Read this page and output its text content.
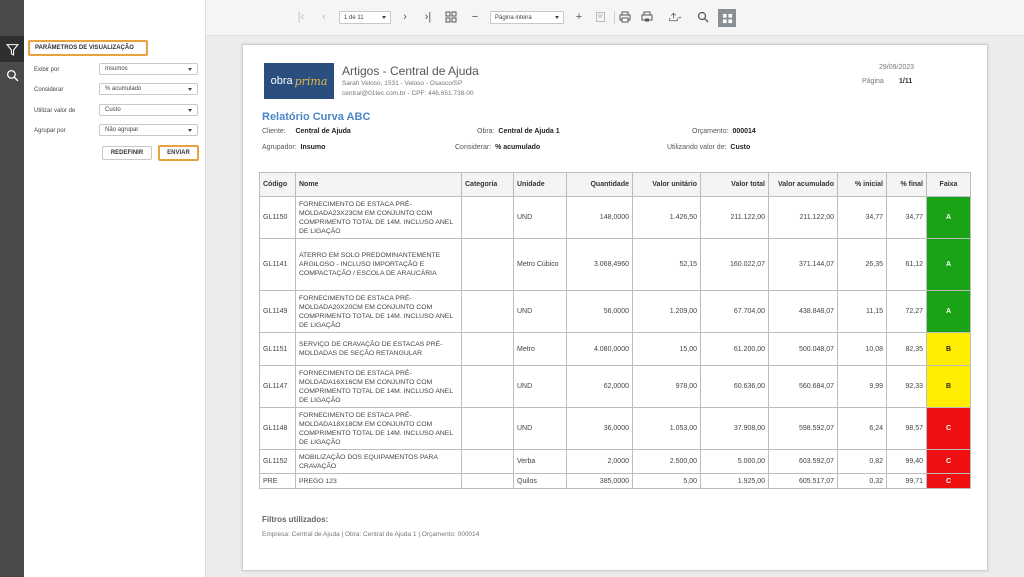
PARÂMETROS DE VISUALIZAÇÃO
Exibir por	Insumos
Considerar	% acumulado
Utilizar valor de	Custo
Agrupar por	Não agrupar
REDEFINIR	ENVIAR
|‹ ‹	1 de 11	› ›|	−	Página inteira	+
obra prima
Artigos - Central de Ajuda
Sarah Veloso, 1531 - Veloso - Osasco/SP
central@01tec.com.br - CPF: 446.651.738-00
29/09/2023
Página 1/11
Relatório Curva ABC
Cliente: Central de Ajuda	Obra: Central de Ajuda 1	Orçamento: 000014
Agrupador: Insumo	Considerar: % acumulado	Utilizando valor de: Custo
Código	Nome	Categoria	Unidade	Quantidade	Valor unitário	Valor total	Valor acumulado	% inicial	% final	Faixa
GL1150	FORNECIMENTO DE ESTACA PRÉ-MOLDADA23X23CM EM CONJUNTO COM COMPRIMENTO TOTAL DE 14M. INCLUSO ANEL DE LIGAÇÃO		UND	148,0000	1.426,50	211.122,00	211.122,00	34,77	34,77	A
GL1141	ATERRO EM SOLO PREDOMINANTEMENTE ARGILOSO - INCLUSO IMPORTAÇÃO E COMPACTAÇÃO / ESCOLA DE ARAUCÁRIA		Metro Cúbico	3.068,4960	52,15	160.022,07	371.144,07	26,35	61,12	A
GL1149	FORNECIMENTO DE ESTACA PRÉ-MOLDADA20X20CM EM CONJUNTO COM COMPRIMENTO TOTAL DE 14M. INCLUSO ANEL DE LIGAÇÃO		UND	56,0000	1.209,00	67.704,00	438.848,07	11,15	72,27	A
GL1151	SERVIÇO DE CRAVAÇÃO DE ESTACAS PRÉ-MOLDADAS DE SEÇÃO RETANGULAR		Metro	4.080,0000	15,00	61.200,00	500.048,07	10,08	82,35	B
GL1147	FORNECIMENTO DE ESTACA PRÉ-MOLDADA16X16CM EM CONJUNTO COM COMPRIMENTO TOTAL DE 14M. INCLUSO ANEL DE LIGAÇÃO		UND	62,0000	978,00	60.636,00	560.684,07	9,99	92,33	B
GL1148	FORNECIMENTO DE ESTACA PRÉ-MOLDADA18X18CM EM CONJUNTO COM COMPRIMENTO TOTAL DE 14M. INCLUSO ANEL DE LIGAÇÃO		UND	36,0000	1.053,00	37.908,00	598.592,07	6,24	98,57	C
GL1152	MOBILIZAÇÃO DOS EQUIPAMENTOS PARA CRAVAÇÃO		Verba	2,0000	2.500,00	5.000,00	603.592,07	0,82	99,40	C
PRE	PREGO 123		Quilos	385,0000	5,00	1.925,00	605.517,07	0,32	99,71	C
Filtros utilizados:
Empresa: Central de Ajuda | Obra: Central de Ajuda 1 | Orçamento: 000014
